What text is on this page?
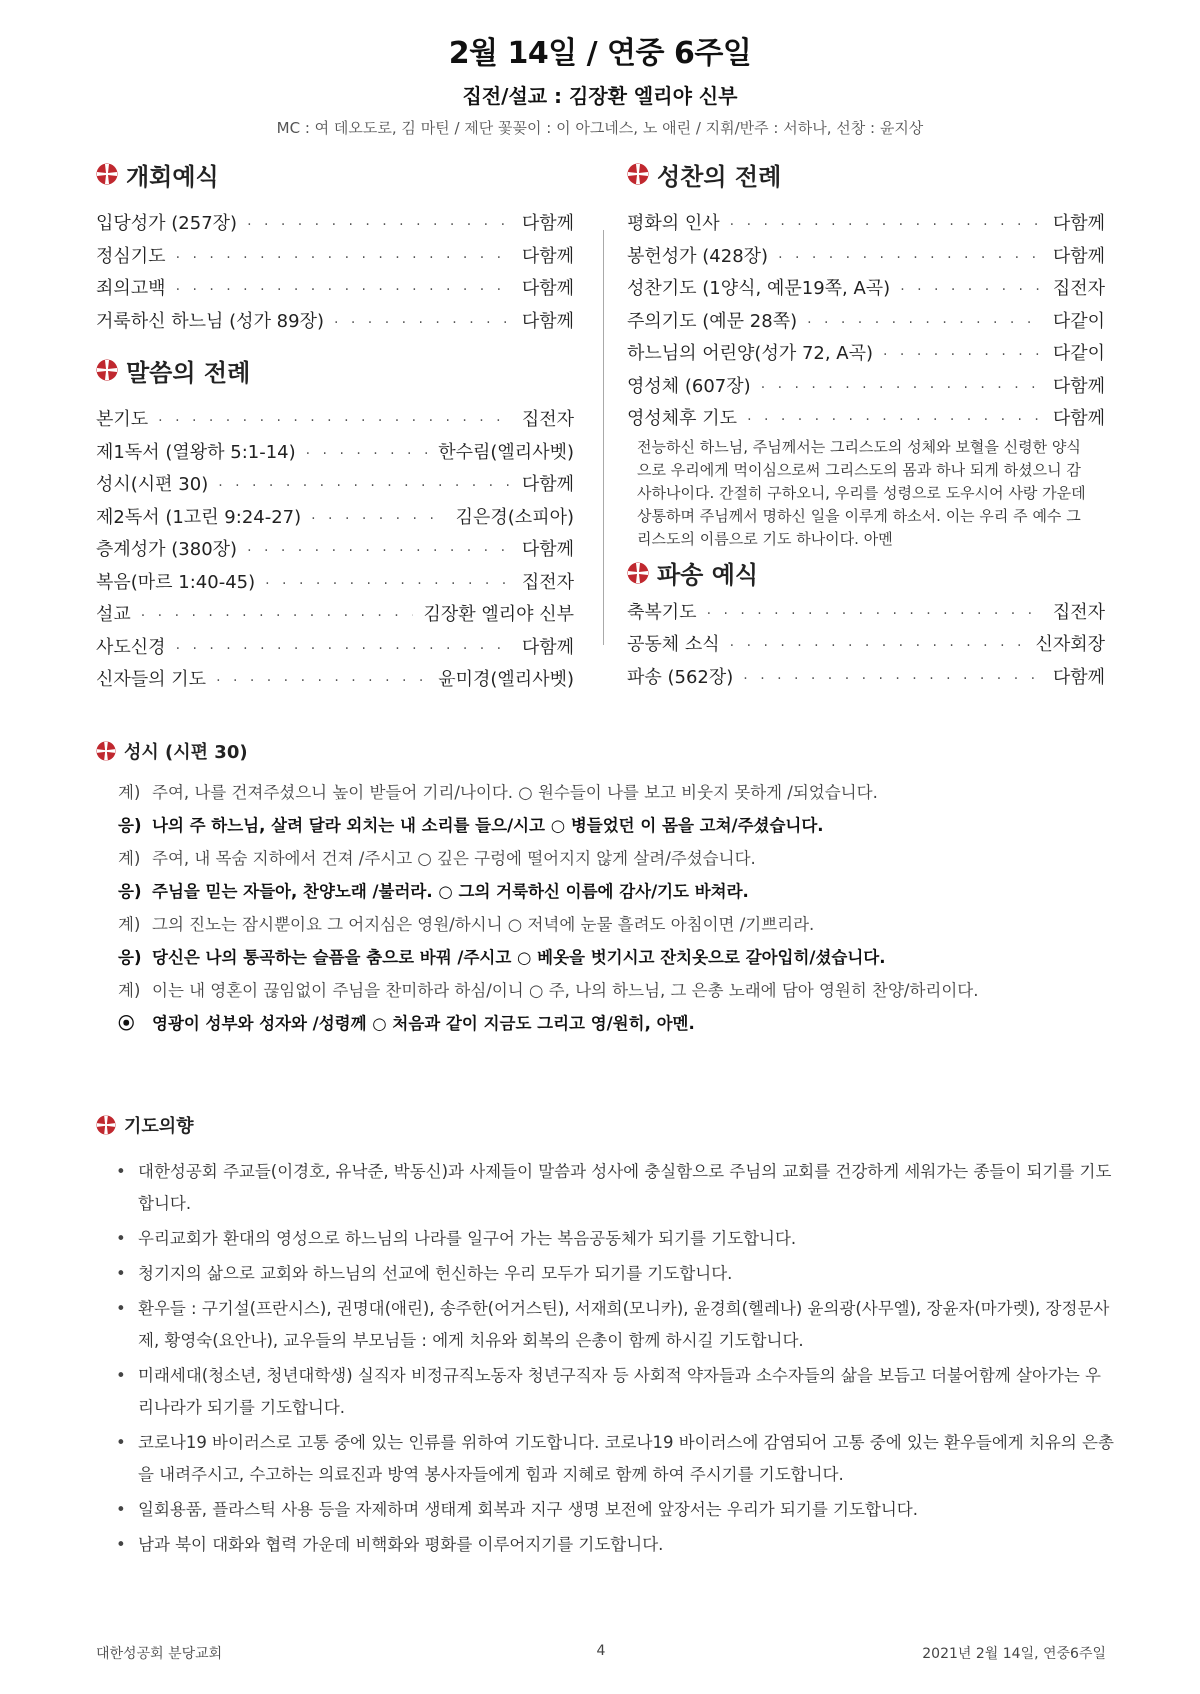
2월 14일 / 연중 6주일
집전/설교 : 김장환 엘리야 신부
MC : 여 데오도로, 김 마틴 / 제단 꽃꽂이 : 이 아그네스, 노 애린 / 지휘/반주 : 서하나, 선창 : 윤지상
개회예식
입당성가 (257장) · · ·	다함께
정심기도 · · ·	다함께
죄의고백 · · ·	다함께
거룩하신 하느님 (성가 89장) · · ·	다함께
말씀의 전례
본기도 · · ·	집전자
제1독서 (열왕하 5:1-14) · · ·	한수림(엘리사벳)
성시(시편 30) · · ·	다함께
제2독서 (1고린 9:24-27) · · ·	김은경(소피아)
층계성가 (380장) · · ·	다함께
복음(마르 1:40-45) · · ·	집전자
설교 · · ·	김장환 엘리야 신부
사도신경 · · ·	다함께
신자들의 기도 · · ·	윤미경(엘리사벳)
성찬의 전례
평화의 인사 · · ·	다함께
봉헌성가 (428장) · · ·	다함께
성찬기도 (1양식, 예문19쪽, A곡) · · ·	집전자
주의기도 (예문 28쪽) · · ·	다같이
하느님의 어린양(성가 72, A곡) · · ·	다같이
영성체 (607장) · · ·	다함께
영성체후 기도 · · ·	다함께
전능하신 하느님, 주님께서는 그리스도의 성체와 보혈을 신령한 양식으로 우리에게 먹이심으로써 그리스도의 몸과 하나 되게 하셨으니 감사하나이다. 간절히 구하오니, 우리를 성령으로 도우시어 사랑 가운데 상통하며 주님께서 명하신 일을 이루게 하소서. 이는 우리 주 예수 그리스도의 이름으로 기도 하나이다. 아멘
파송 예식
축복기도 · · ·	집전자
공동체 소식 · · ·	신자회장
파송 (562장) · · ·	다함께
성시 (시편 30)
계) 주여, 나를 건져주셨으니 높이 받들어 기리/나이다. ○ 원수들이 나를 보고 비웃지 못하게 /되었습니다.
응) 나의 주 하느님, 살려 달라 외치는 내 소리를 들으/시고 ○ 병들었던 이 몸을 고쳐/주셨습니다.
계) 주여, 내 목숨 지하에서 건져 /주시고 ○ 깊은 구렁에 떨어지지 않게 살려/주셨습니다.
응) 주님을 믿는 자들아, 찬양노래 /불러라. ○ 그의 거룩하신 이름에 감사/기도 바쳐라.
계) 그의 진노는 잠시뿐이요 그 어지심은 영원/하시니 ○ 저녁에 눈물 흘려도 아침이면 /기쁘리라.
응) 당신은 나의 통곡하는 슬픔을 춤으로 바꿔 /주시고 ○ 베옷을 벗기시고 잔치옷으로 갈아입히/셨습니다.
계) 이는 내 영혼이 끊임없이 주님을 찬미하라 하심/이니 ○ 주, 나의 하느님, 그 은총 노래에 담아 영원히 찬양/하리이다.
⦿	영광이 성부와 성자와 /성령께 ○ 처음과 같이 지금도 그리고 영/원히, 아멘.
기도의향
• 대한성공회 주교들(이경호, 유낙준, 박동신)과 사제들이 말씀과 성사에 충실함으로 주님의 교회를 건강하게 세워가는 종들이 되기를 기도합니다.
• 우리교회가 환대의 영성으로 하느님의 나라를 일구어 가는 복음공동체가 되기를 기도합니다.
• 청기지의 삶으로 교회와 하느님의 선교에 헌신하는 우리 모두가 되기를 기도합니다.
• 환우들 : 구기설(프란시스), 권명대(애린), 송주한(어거스틴), 서재희(모니카), 윤경희(헬레나) 윤의광(사무엘), 장윤자(마가렛), 장정문사제, 황영숙(요안나), 교우들의 부모님들 : 에게 치유와 회복의 은총이 함께 하시길 기도합니다.
• 미래세대(청소년, 청년대학생) 실직자 비정규직노동자 청년구직자 등 사회적 약자들과 소수자들의 삶을 보듬고 더불어함께 살아가는 우리나라가 되기를 기도합니다.
• 코로나19 바이러스로 고통 중에 있는 인류를 위하여 기도합니다. 코로나19 바이러스에 감염되어 고통 중에 있는 환우들에게 치유의 은총을 내려주시고, 수고하는 의료진과 방역 봉사자들에게 힘과 지혜로 함께 하여 주시기를 기도합니다.
• 일회용품, 플라스틱 사용 등을 자제하며 생태계 회복과 지구 생명 보전에 앞장서는 우리가 되기를 기도합니다.
• 남과 북이 대화와 협력 가운데 비핵화와 평화를 이루어지기를 기도합니다.
대한성공회 분당교회	4	2021년 2월 14일, 연중6주일
